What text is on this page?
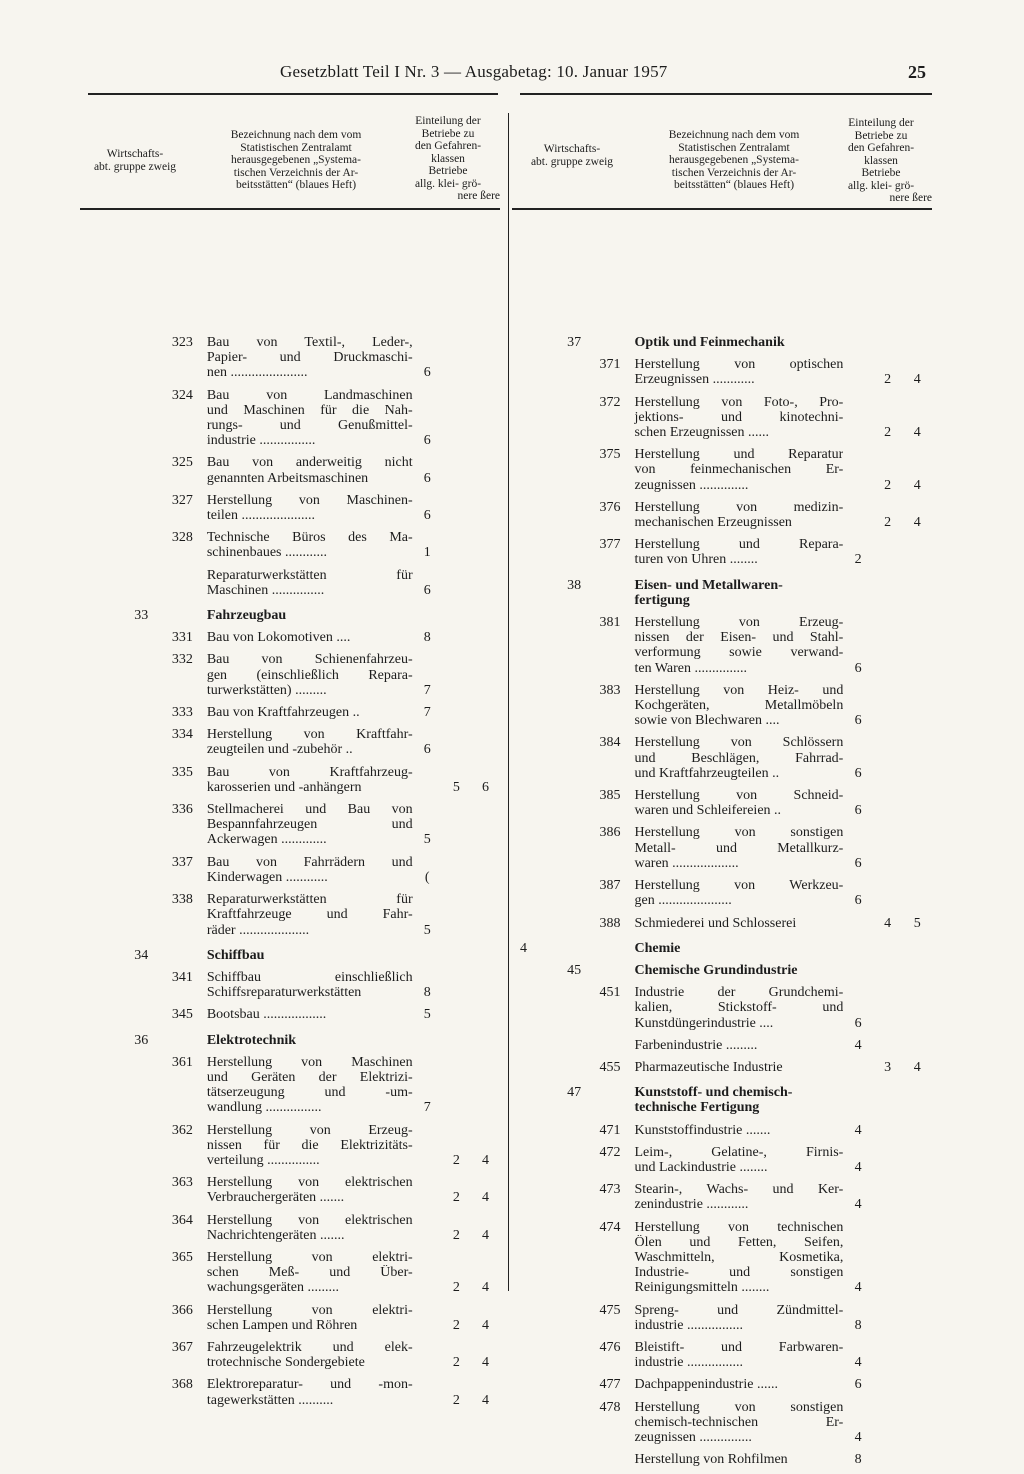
Gesetzblatt Teil I Nr. 3 — Ausgabetag: 10. Januar 1957	25
Wirtschafts-
abt. gruppe zweig
Bezeichnung nach dem vom
Statistischen Zentralamt
herausgegebenen „Systema-
tischen Verzeichnis der Ar-
beitsstätten“ (blaues Heft)
Einteilung der
Betriebe zu
den Gefahren-
klassen
Betriebe
allg. klei- grö-
nere ßere
323	Bau von Textil-, Leder-,
Papier- und Druckmaschi-
nen ......................	6
324	Bau von Landmaschinen
und Maschinen für die Nah-
rungs- und Genußmittel-
industrie ................	6
325	Bau von anderweitig nicht
genannten Arbeitsmaschinen	6
327	Herstellung von Maschinen-
teilen .....................	6
328	Technische Büros des Ma-
schinenbaues ............	1
Reparaturwerkstätten für
Maschinen ...............	6
33	Fahrzeugbau
331	Bau von Lokomotiven ....	8
332	Bau von Schienenfahrzeu-
gen (einschließlich Repara-
turwerkstätten) .........	7
333	Bau von Kraftfahrzeugen ..	7
334	Herstellung von Kraftfahr-
zeugteilen und -zubehör ..	6
335	Bau von Kraftfahrzeug-
karosserien und -anhängern	5	6
336	Stellmacherei und Bau von
Bespannfahrzeugen und
Ackerwagen .............	5
337	Bau von Fahrrädern und
Kinderwagen ............	(
338	Reparaturwerkstätten für
Kraftfahrzeuge und Fahr-
räder ....................	5
34	Schiffbau
341	Schiffbau einschließlich
Schiffsreparaturwerkstätten	8
345	Bootsbau ..................	5
36	Elektrotechnik
361	Herstellung von Maschinen
und Geräten der Elektrizi-
tätserzeugung und -um-
wandlung ................	7
362	Herstellung von Erzeug-
nissen für die Elektrizitäts-
verteilung ...............	2	4
363	Herstellung von elektrischen
Verbrauchergeräten .......	2	4
364	Herstellung von elektrischen
Nachrichtengeräten .......	2	4
365	Herstellung von elektri-
schen Meß- und Über-
wachungsgeräten .........	2	4
366	Herstellung von elektri-
schen Lampen und Röhren	2	4
367	Fahrzeugelektrik und elek-
trotechnische Sondergebiete	2	4
368	Elektroreparatur- und -mon-
tagewerkstätten ..........	2	4
Wirtschafts-
abt. gruppe zweig
Bezeichnung nach dem vom
Statistischen Zentralamt
herausgegebenen „Systema-
tischen Verzeichnis der Ar-
beitsstätten“ (blaues Heft)
Einteilung der
Betriebe zu
den Gefahren-
klassen
Betriebe
allg. klei- grö-
nere ßere
37	Optik und Feinmechanik
371	Herstellung von optischen
Erzeugnissen ............	2	4
372	Herstellung von Foto-, Pro-
jektions- und kinotechni-
schen Erzeugnissen ......	2	4
375	Herstellung und Reparatur
von feinmechanischen Er-
zeugnissen ..............	2	4
376	Herstellung von medizin-
mechanischen Erzeugnissen	2	4
377	Herstellung und Repara-
turen von Uhren ........	2
38	Eisen- und Metallwaren-
fertigung
381	Herstellung von Erzeug-
nissen der Eisen- und Stahl-
verformung sowie verwand-
ten Waren ...............	6
383	Herstellung von Heiz- und
Kochgeräten, Metallmöbeln
sowie von Blechwaren ....	6
384	Herstellung von Schlössern
und Beschlägen, Fahrrad-
und Kraftfahrzeugteilen ..	6
385	Herstellung von Schneid-
waren und Schleifereien ..	6
386	Herstellung von sonstigen
Metall- und Metallkurz-
waren ...................	6
387	Herstellung von Werkzeu-
gen .....................	6
388	Schmiederei und Schlosserei	4	5
4	Chemie
45	Chemische Grundindustrie
451	Industrie der Grundchemi-
kalien, Stickstoff- und
Kunstdüngerindustrie ....	6
Farbenindustrie .........	4
455	Pharmazeutische Industrie	3	4
47	Kunststoff- und chemisch-
technische Fertigung
471	Kunststoffindustrie .......	4
472	Leim-, Gelatine-, Firnis-
und Lackindustrie ........	4
473	Stearin-, Wachs- und Ker-
zenindustrie ............	4
474	Herstellung von technischen
Ölen und Fetten, Seifen,
Waschmitteln, Kosmetika,
Industrie- und sonstigen
Reinigungsmitteln ........	4
475	Spreng- und Zündmittel-
industrie ................	8
476	Bleistift- und Farbwaren-
industrie ................	4
477	Dachpappenindustrie ......	6
478	Herstellung von sonstigen
chemisch-technischen Er-
zeugnissen ...............	4
Herstellung von Rohfilmen	8
